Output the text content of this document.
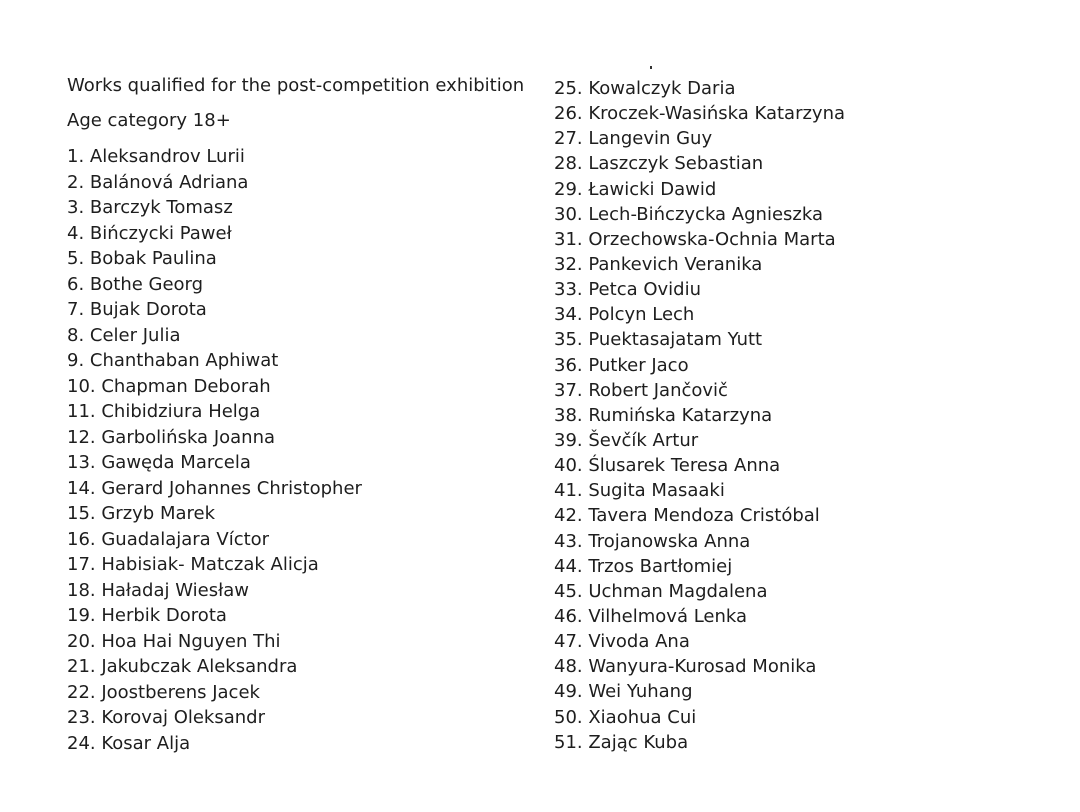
Works qualified for the post-competition exhibition

Age category 18+

1. Aleksandrov Lurii
2. Balánová Adriana
3. Barczyk Tomasz
4. Bińczycki Paweł
5. Bobak Paulina
6. Bothe Georg
7. Bujak Dorota
8. Celer Julia
9. Chanthaban Aphiwat
10. Chapman Deborah
11. Chibidziura Helga
12. Garbolińska Joanna
13. Gawęda Marcela
14. Gerard Johannes Christopher
15. Grzyb Marek
16. Guadalajara Víctor
17. Habisiak- Matczak Alicja
18. Haładaj Wiesław
19. Herbik Dorota
20. Hoa Hai Nguyen Thi
21. Jakubczak Aleksandra
22. Joostberens Jacek
23. Korovaj Oleksandr
24. Kosar Alja
25. Kowalczyk Daria
26. Kroczek-Wasińska Katarzyna
27. Langevin Guy
28. Laszczyk Sebastian
29. Ławicki Dawid
30. Lech-Bińczycka Agnieszka
31. Orzechowska-Ochnia Marta
32. Pankevich Veranika
33. Petca Ovidiu
34. Polcyn Lech
35. Puektasajatam Yutt
36. Putker Jaco
37. Robert Jančovič
38. Rumińska Katarzyna
39. Ševčík Artur
40. Ślusarek Teresa Anna
41. Sugita Masaaki
42. Tavera Mendoza Cristóbal
43. Trojanowska Anna
44. Trzos Bartłomiej
45. Uchman Magdalena
46. Vilhelmová Lenka
47. Vivoda Ana
48. Wanyura-Kurosad Monika
49. Wei Yuhang
50. Xiaohua Cui
51. Zając Kuba
